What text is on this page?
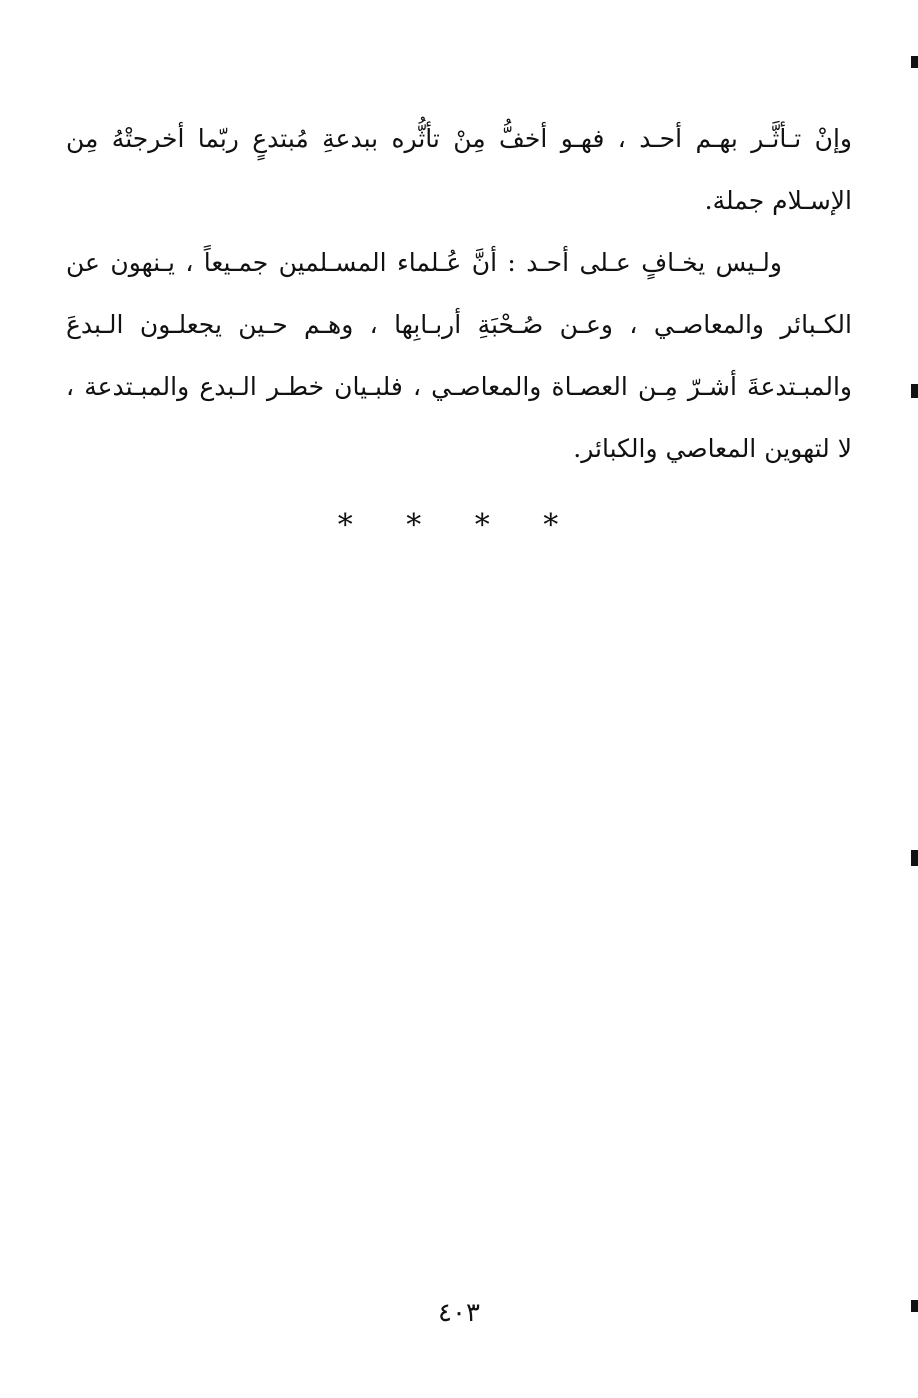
وإنْ تـأثَّـر بهـم أحـد ، فهـو أخفُّ مِنْ تأثُّره ببدعةِ مُبتدعٍ ربّما أخرجتْهُ مِن الإسـلام جملة.

ولـيس يخـافٍ عـلى أحـد : أنَّ عُـلماء المسـلمين جمـيعاً ، يـنهون عن الكـبائر والمعاصـي ، وعـن صُـحْبَةِ أربـابِها ، وهـم حـين يجعلـون الـبدعَ والمبـتدعةَ أشـرّ مِـن العصـاة والمعاصـي ، فلبـيان خطـر الـبدع والمبـتدعة ، لا لتهوين المعاصي والكبائر.

* * * *
٤٠٣
